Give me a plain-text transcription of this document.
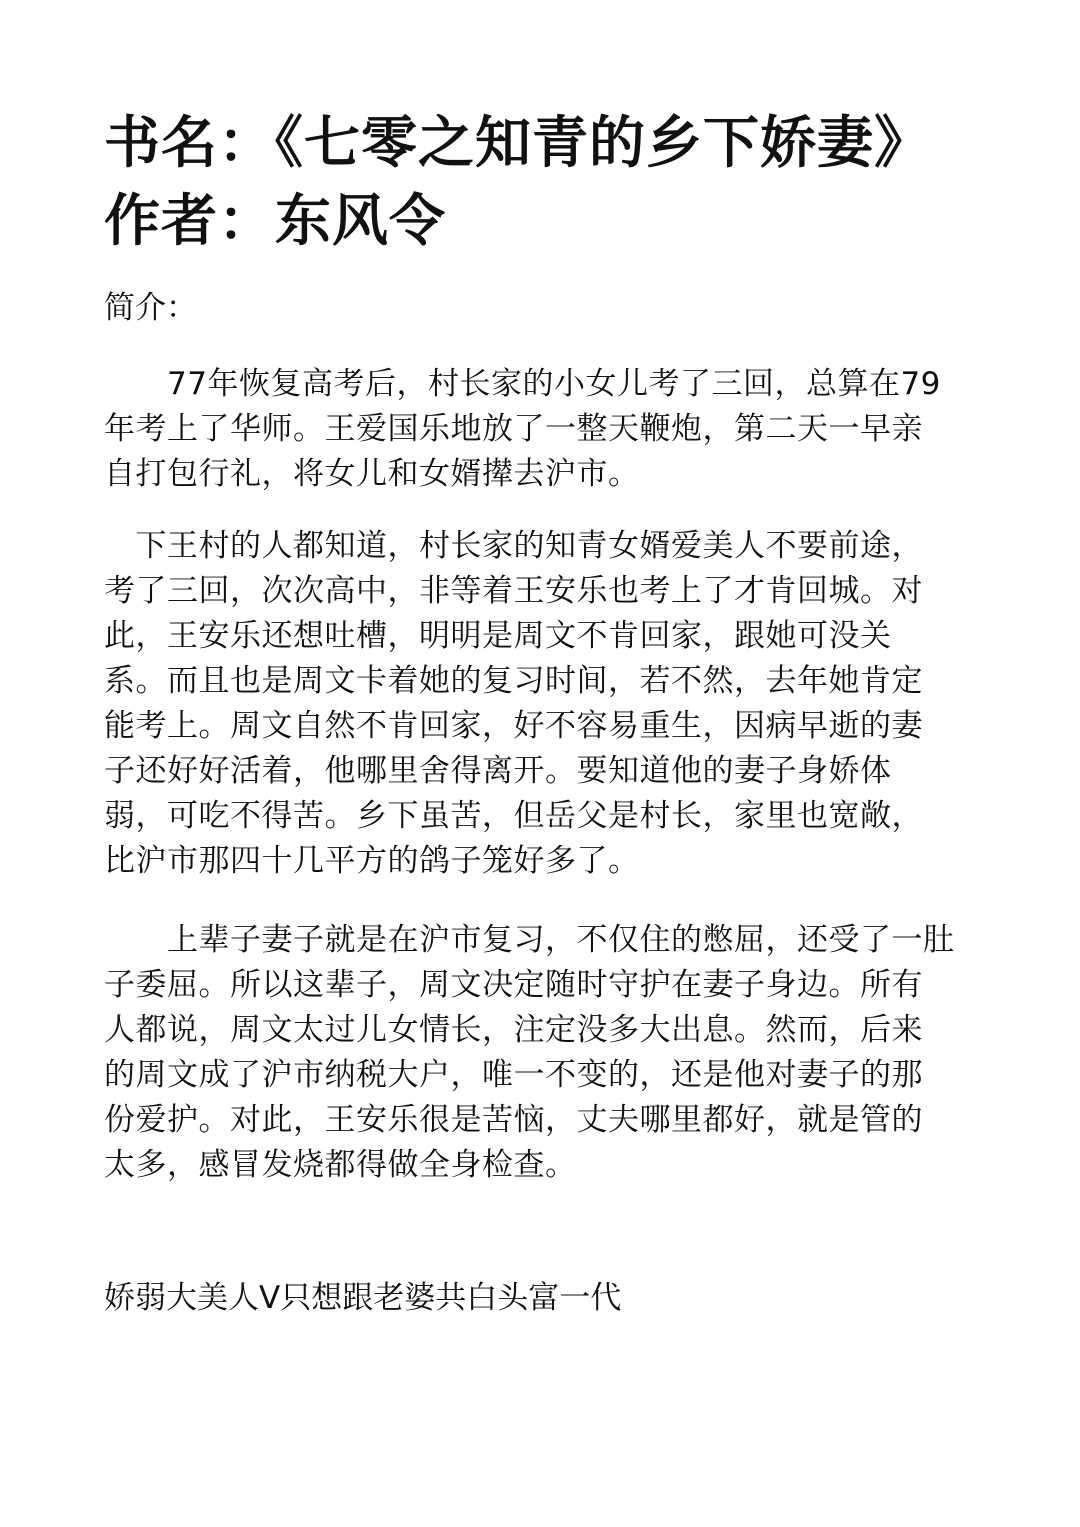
书名：《七零之知青的乡下娇妻》
作者：东风令
简介：

　　77年恢复高考后，村长家的小女儿考了三回，总算在79
年考上了华师。王爱国乐地放了一整天鞭炮，第二天一早亲
自打包行礼，将女儿和女婿撵去沪市。

　下王村的人都知道，村长家的知青女婿爱美人不要前途，
考了三回，次次高中，非等着王安乐也考上了才肯回城。对
此，王安乐还想吐槽，明明是周文不肯回家，跟她可没关
系。而且也是周文卡着她的复习时间，若不然，去年她肯定
能考上。周文自然不肯回家，好不容易重生，因病早逝的妻
子还好好活着，他哪里舍得离开。要知道他的妻子身娇体
弱，可吃不得苦。乡下虽苦，但岳父是村长，家里也宽敞，
比沪市那四十几平方的鸽子笼好多了。

　　上辈子妻子就是在沪市复习，不仅住的憋屈，还受了一肚
子委屈。所以这辈子，周文决定随时守护在妻子身边。所有
人都说，周文太过儿女情长，注定没多大出息。然而，后来
的周文成了沪市纳税大户，唯一不变的，还是他对妻子的那
份爱护。对此，王安乐很是苦恼，丈夫哪里都好，就是管的
太多，感冒发烧都得做全身检查。

娇弱大美人V只想跟老婆共白头富一代
